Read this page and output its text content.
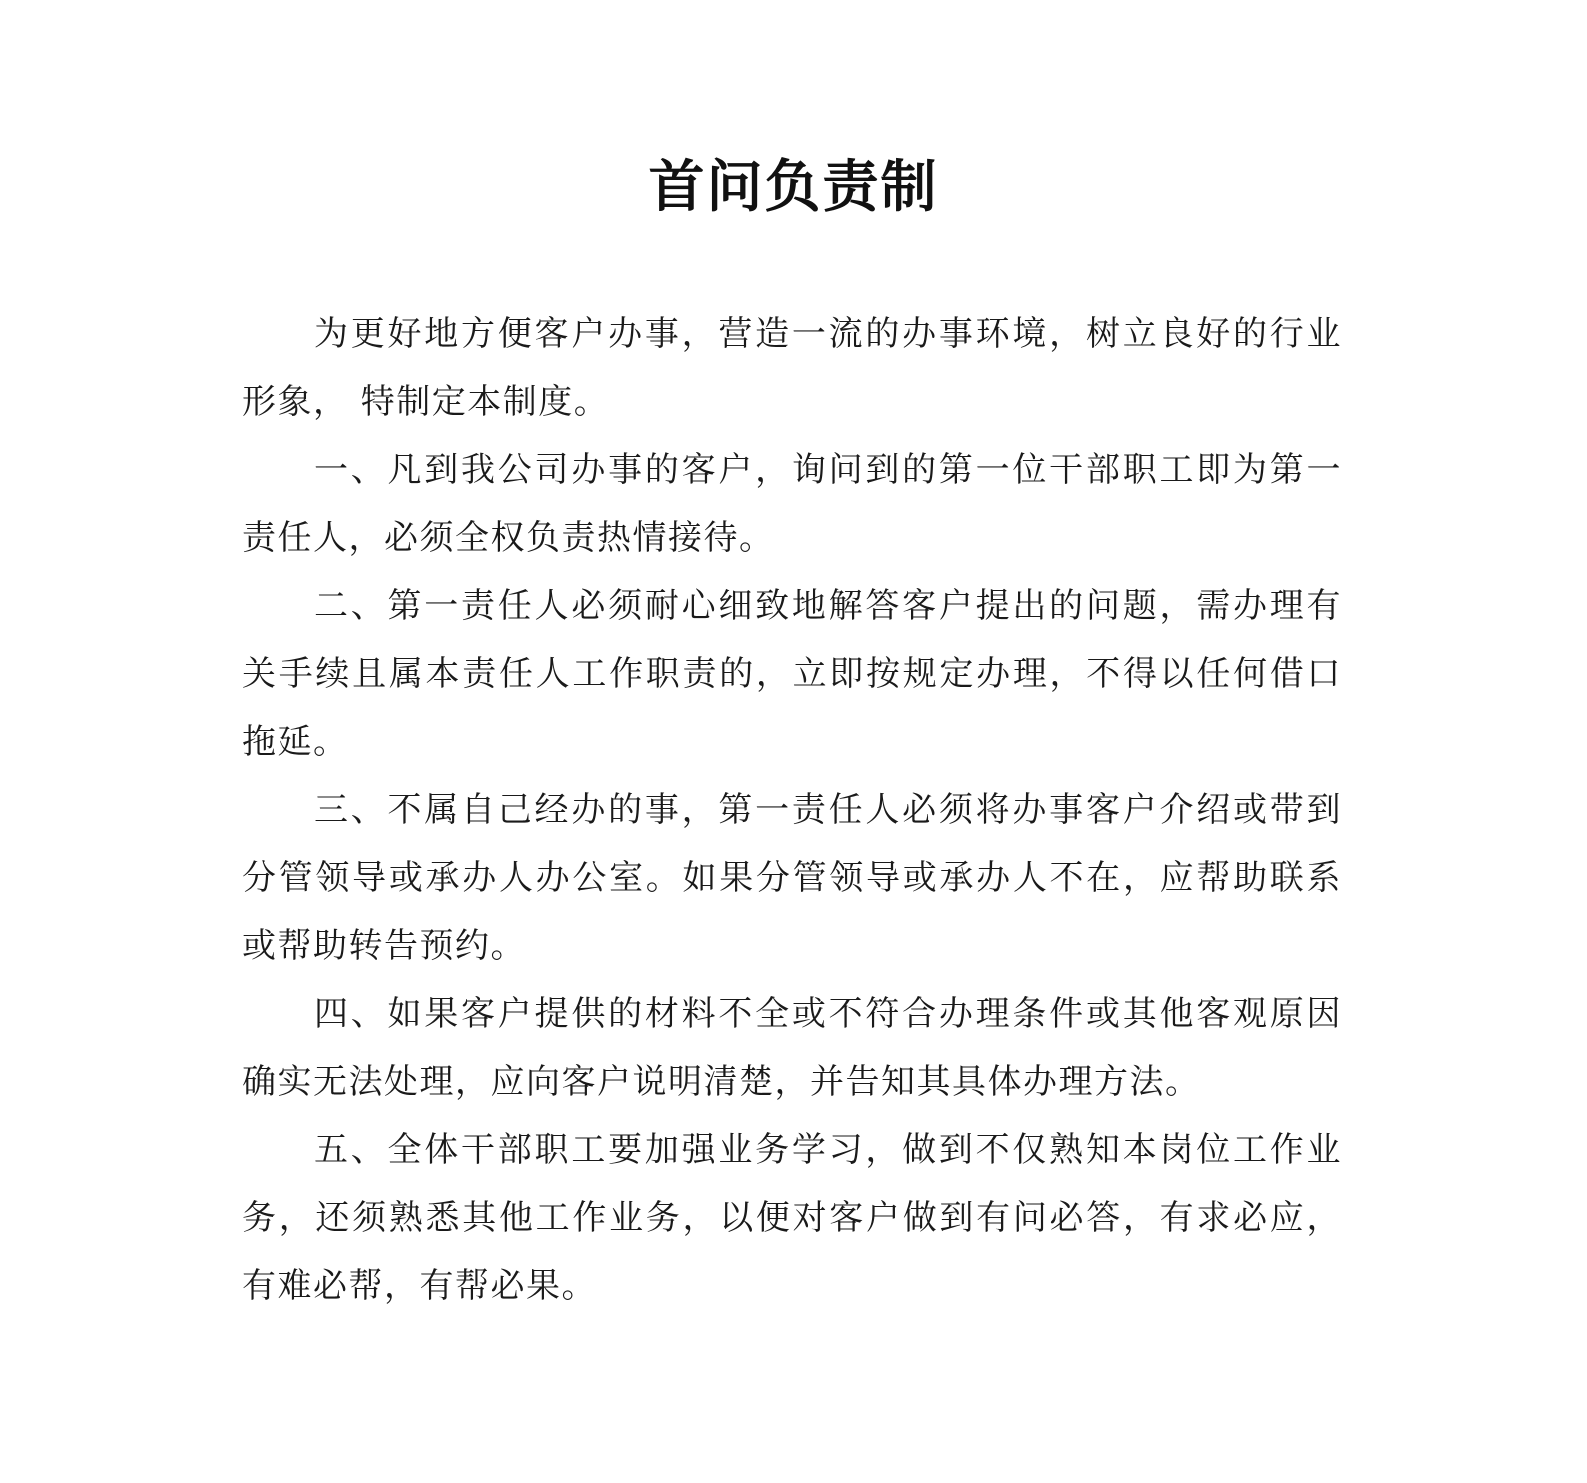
首问负责制

为更好地方便客户办事，营造一流的办事环境，树立良好的行业形象， 特制定本制度。

一、凡到我公司办事的客户，询问到的第一位干部职工即为第一责任人，必须全权负责热情接待。

二、第一责任人必须耐心细致地解答客户提出的问题，需办理有关手续且属本责任人工作职责的，立即按规定办理，不得以任何借口拖延。

三、不属自己经办的事，第一责任人必须将办事客户介绍或带到分管领导或承办人办公室。如果分管领导或承办人不在，应帮助联系或帮助转告预约。

四、如果客户提供的材料不全或不符合办理条件或其他客观原因确实无法处理，应向客户说明清楚，并告知其具体办理方法。

五、全体干部职工要加强业务学习，做到不仅熟知本岗位工作业务，还须熟悉其他工作业务，以便对客户做到有问必答，有求必应，有难必帮，有帮必果。
